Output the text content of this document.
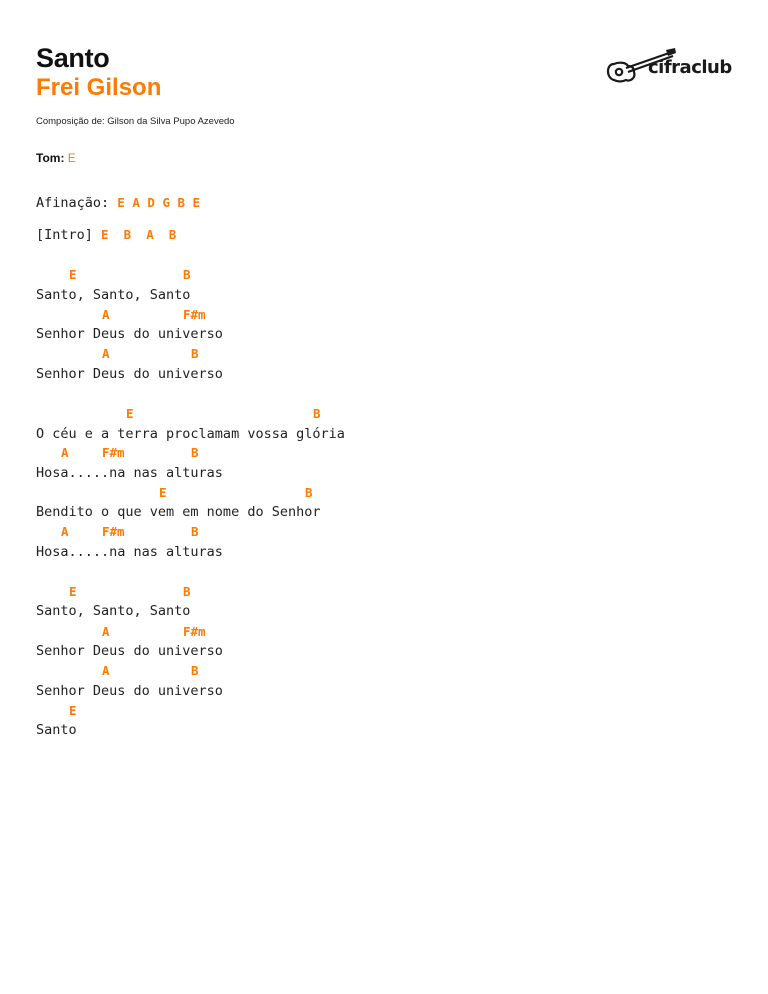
Santo
Frei Gilson
Composição de: Gilson da Silva Pupo Azevedo
Tom: E
cifraclub
Afinação: E A D G B E
[Intro] E  B  A  B
E	B
Santo, Santo, Santo
A	F#m
Senhor Deus do universo
A	B
Senhor Deus do universo
E	B
O céu e a terra proclamam vossa glória
A	F#m	B
Hosa.....na nas alturas
E	B
Bendito o que vem em nome do Senhor
A	F#m	B
Hosa.....na nas alturas
E	B
Santo, Santo, Santo
A	F#m
Senhor Deus do universo
A	B
Senhor Deus do universo
E
Santo
